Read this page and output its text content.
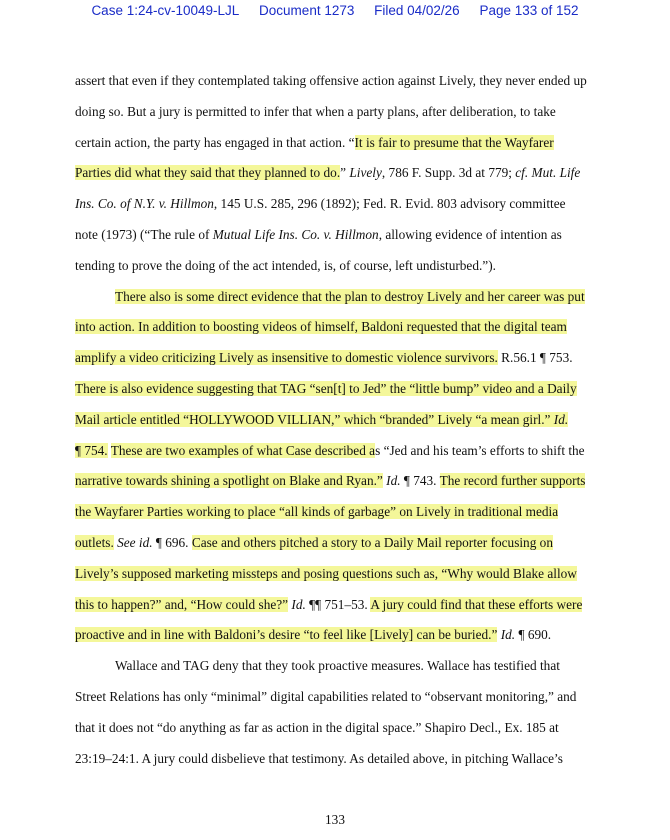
Case 1:24-cv-10049-LJL Document 1273 Filed 04/02/26 Page 133 of 152
assert that even if they contemplated taking offensive action against Lively, they never ended up
doing so. But a jury is permitted to infer that when a party plans, after deliberation, to take
certain action, the party has engaged in that action. “It is fair to presume that the Wayfarer
Parties did what they said that they planned to do.” Lively, 786 F. Supp. 3d at 779; cf. Mut. Life
Ins. Co. of N.Y. v. Hillmon, 145 U.S. 285, 296 (1892); Fed. R. Evid. 803 advisory committee
note (1973) (“The rule of Mutual Life Ins. Co. v. Hillmon, allowing evidence of intention as
tending to prove the doing of the act intended, is, of course, left undisturbed.”).
There also is some direct evidence that the plan to destroy Lively and her career was put
into action. In addition to boosting videos of himself, Baldoni requested that the digital team
amplify a video criticizing Lively as insensitive to domestic violence survivors. R.56.1 ¶ 753.
There is also evidence suggesting that TAG “sen[t] to Jed” the “little bump” video and a Daily
Mail article entitled “HOLLYWOOD VILLIAN,” which “branded” Lively “a mean girl.” Id.
¶ 754. These are two examples of what Case described as “Jed and his team’s efforts to shift the
narrative towards shining a spotlight on Blake and Ryan.” Id. ¶ 743. The record further supports
the Wayfarer Parties working to place “all kinds of garbage” on Lively in traditional media
outlets. See id. ¶ 696. Case and others pitched a story to a Daily Mail reporter focusing on
Lively’s supposed marketing missteps and posing questions such as, “Why would Blake allow
this to happen?” and, “How could she?” Id. ¶¶ 751–53. A jury could find that these efforts were
proactive and in line with Baldoni’s desire “to feel like [Lively] can be buried.” Id. ¶ 690.
Wallace and TAG deny that they took proactive measures. Wallace has testified that
Street Relations has only “minimal” digital capabilities related to “observant monitoring,” and
that it does not “do anything as far as action in the digital space.” Shapiro Decl., Ex. 185 at
23:19–24:1. A jury could disbelieve that testimony. As detailed above, in pitching Wallace’s
133
